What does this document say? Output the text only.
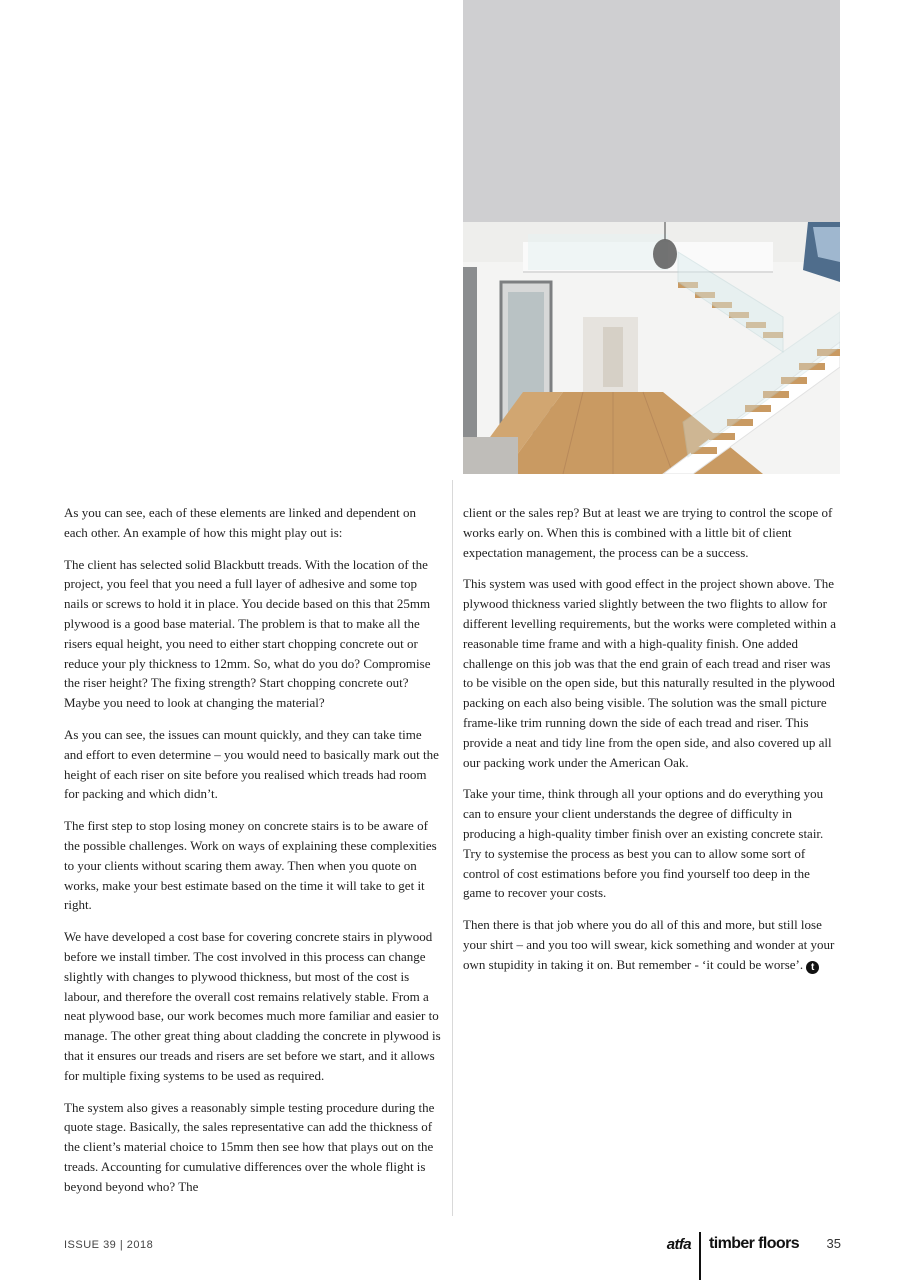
As you can see, each of these elements are linked and dependent on each other. An example of how this might play out is:

The client has selected solid Blackbutt treads. With the location of the project, you feel that you need a full layer of adhesive and some top nails or screws to hold it in place. You decide based on this that 25mm plywood is a good base material. The problem is that to make all the risers equal height, you need to either start chopping concrete out or reduce your ply thickness to 12mm. So, what do you do? Compromise the riser height? The fixing strength? Start chopping concrete out? Maybe you need to look at changing the material?

As you can see, the issues can mount quickly, and they can take time and effort to even determine – you would need to basically mark out the height of each riser on site before you realised which treads had room for packing and which didn’t.

The first step to stop losing money on concrete stairs is to be aware of the possible challenges. Work on ways of explaining these complexities to your clients without scaring them away. Then when you quote on works, make your best estimate based on the time it will take to get it right.

We have developed a cost base for covering concrete stairs in plywood before we install timber. The cost involved in this process can change slightly with changes to plywood thickness, but most of the cost is labour, and therefore the overall cost remains relatively stable. From a neat plywood base, our work becomes much more familiar and easier to manage. The other great thing about cladding the concrete in plywood is that it ensures our treads and risers are set before we start, and it allows for multiple fixing systems to be used as required.

The system also gives a reasonably simple testing procedure during the quote stage. Basically, the sales representative can add the thickness of the client’s material choice to 15mm then see how that plays out on the treads. Accounting for cumulative differences over the whole flight is beyond beyond who? The

client or the sales rep? But at least we are trying to control the scope of works early on. When this is combined with a little bit of client expectation management, the process can be a success.

This system was used with good effect in the project shown above. The plywood thickness varied slightly between the two flights to allow for different levelling requirements, but the works were completed within a reasonable time frame and with a high-quality finish. One added challenge on this job was that the end grain of each tread and riser was to be visible on the open side, but this naturally resulted in the plywood packing on each also being visible. The solution was the small picture frame-like trim running down the side of each tread and riser. This provide a neat and tidy line from the open side, and also covered up all our packing work under the American Oak.

Take your time, think through all your options and do everything you can to ensure your client understands the degree of difficulty in producing a high-quality timber finish over an existing concrete stair. Try to systemise the process as best you can to allow some sort of control of cost estimations before you find yourself too deep in the game to recover your costs.

Then there is that job where you do all of this and more, but still lose your shirt – and you too will swear, kick something and wonder at your own stupidity in taking it on. But remember - ‘it could be worse’. t

ISSUE 39 | 2018	atfa timber floors 35
